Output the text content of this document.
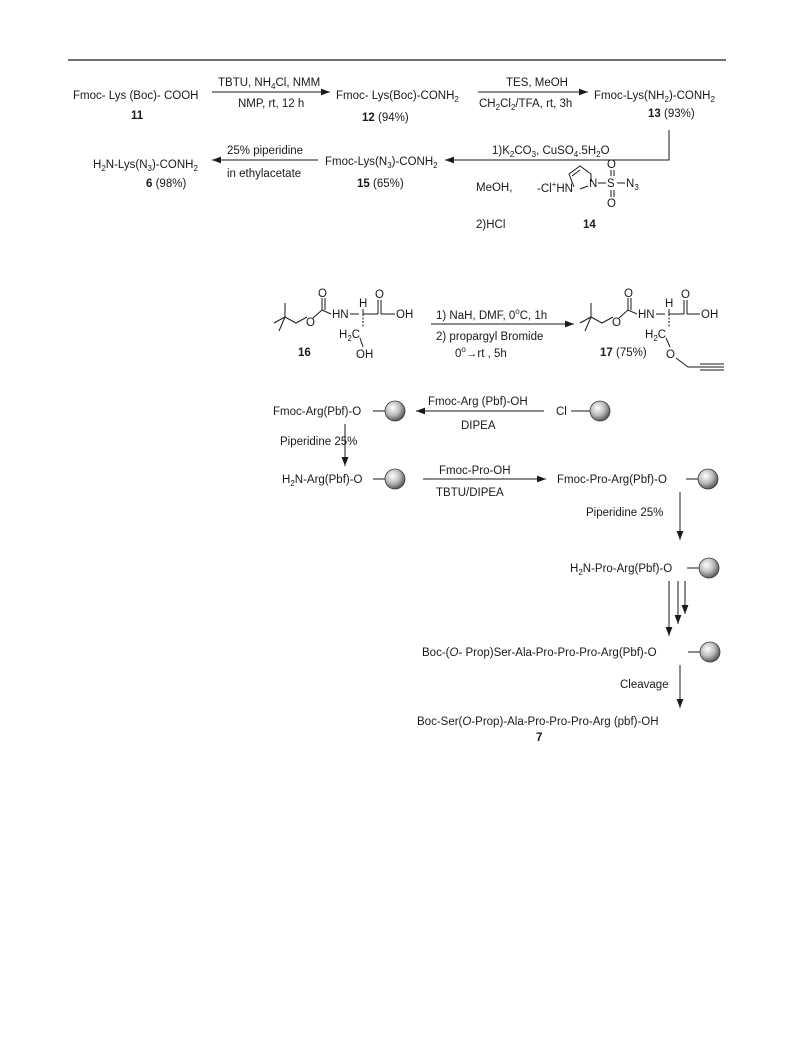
Fmoc- Lys (Boc)- COOH
11
TBTU, $NH_4Cl$, NMM
NMP, rt, 12 h
Fmoc- $Lys(Boc)-CONH_2$
12 (94%)
TES, MeOH
$CH_2Cl_2$/TFA, rt, 3h
Fmoc-$Lys(NH_2)-CONH_2$
13 (93%)
$1)K_2CO_3$, $CuSO_4.5H_2O$
MeOH,
2)HCl
-Cl+HN N S
O
O
$N_3$
14
Fmoc-$Lys(N_3)-CONH_2$
15 (65%)
25% piperidine
in ethylacetate
$H_2N-Lys(N_3)-CONH_2$
6 (98%)
O
O
HN
H
O
OH
$H_2C$
OH
16
1) NaH, DMF, 0$^o$C, 1h
2) propargyl Bromide
$0^o\to rt$ , 5h
O
O
HN
H
O
OH
$H_2C$
O
17 (75%)
Cl
Fmoc-Arg (Pbf)-OH
DIPEA
Fmoc-Arg(Pbf)-O
Piperidine 25%
$H_2N-Arg(Pbf)-O$
Fmoc-Pro-OH
TBTU/DIPEA
Fmoc-Pro-Arg(Pbf)-O
Piperidine 25%
$H_2N-Pro-Arg(Pbf)-O$
Boc-(O- Prop)Ser-Ala-Pro-Pro-Pro-Arg(Pbf)-O
Cleavage
Boc-Ser(O-Prop)-Ala-Pro-Pro-Pro-Arg (pbf)-OH
7
